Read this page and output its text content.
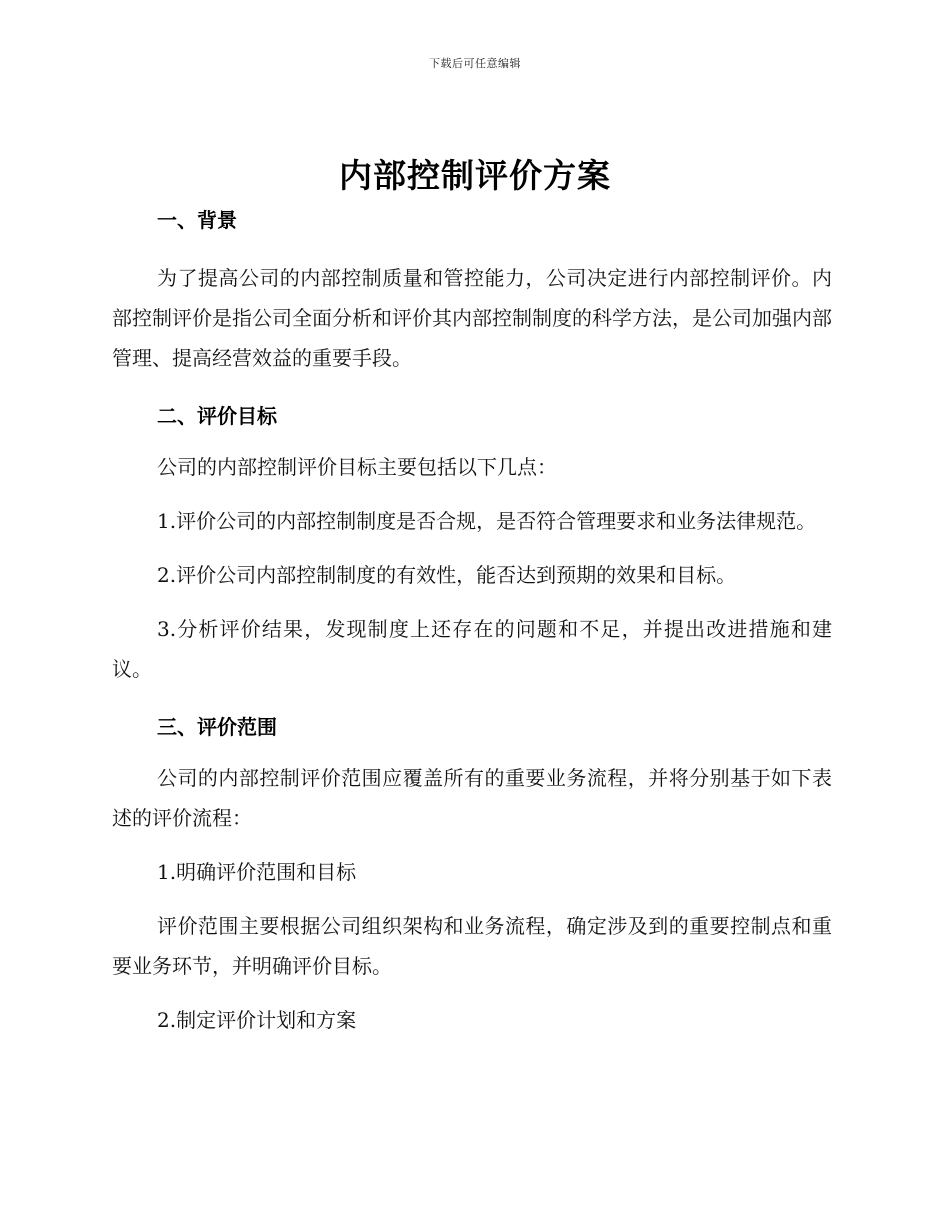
下载后可任意编辑
内部控制评价方案

一、背景

为了提高公司的内部控制质量和管控能力，公司决定进行内部控制评价。内部控制评价是指公司全面分析和评价其内部控制制度的科学方法，是公司加强内部管理、提高经营效益的重要手段。

二、评价目标

公司的内部控制评价目标主要包括以下几点：

1.评价公司的内部控制制度是否合规，是否符合管理要求和业务法律规范。

2.评价公司内部控制制度的有效性，能否达到预期的效果和目标。

3.分析评价结果，发现制度上还存在的问题和不足，并提出改进措施和建议。

三、评价范围

公司的内部控制评价范围应覆盖所有的重要业务流程，并将分别基于如下表述的评价流程：

1.明确评价范围和目标

评价范围主要根据公司组织架构和业务流程，确定涉及到的重要控制点和重要业务环节，并明确评价目标。

2.制定评价计划和方案
